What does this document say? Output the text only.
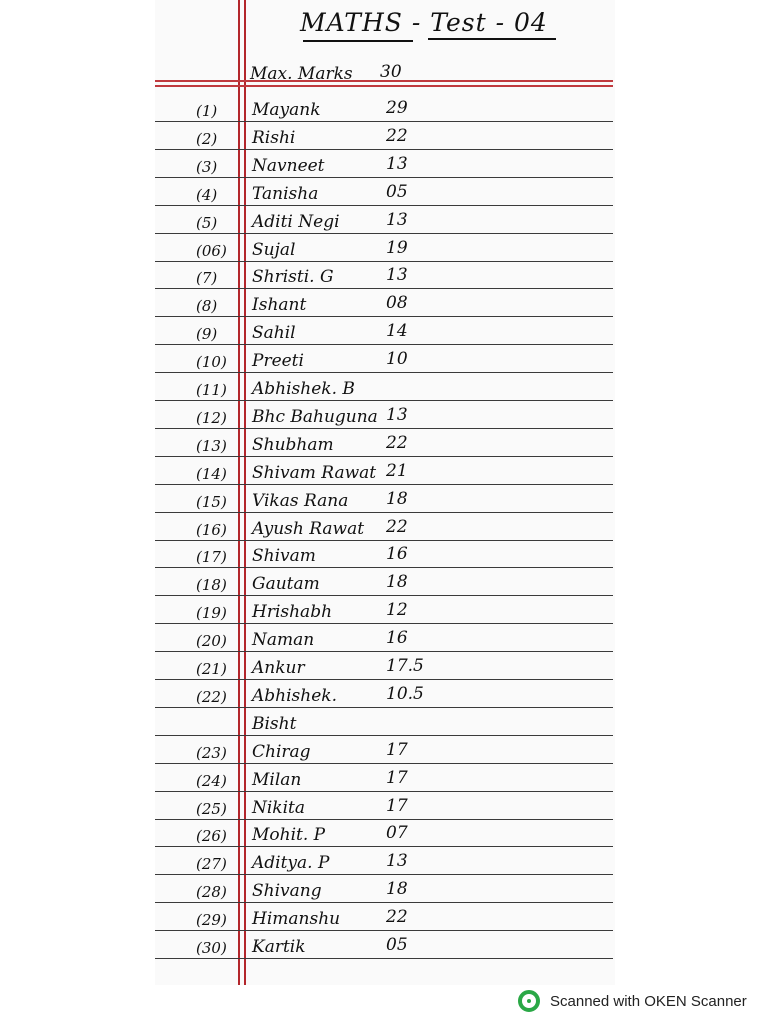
MATHS - Test - 04
Max. Marks 30
(1) Mayank	29
(2) Rishi	22
(3) Navneet	13
(4) Tanisha	05
(5) Aditi Negi	13
(06) Sujal	19
(7) Shristi. G	13
(8) Ishant	08
(9) Sahil	14
(10) Preeti	10
(11) Abhishek. B
(12) Bhc Bahuguna 13
(13) Shubham	22
(14) Shivam Rawat 21
(15) Vikas Rana 18
(16) Ayush Rawat 22
(17) Shivam	16
(18) Gautam	18
(19) Hrishabh	12
(20) Naman	16
(21) Ankur	17.5
(22) Abhishek.	10.5
Bisht
(23) Chirag	17
(24) Milan	17
(25) Nikita	17
(26) Mohit. P	07
(27) Aditya. P	13
(28) Shivang	18
(29) Himanshu	22
(30) Kartik	05
Scanned with OKEN Scanner
